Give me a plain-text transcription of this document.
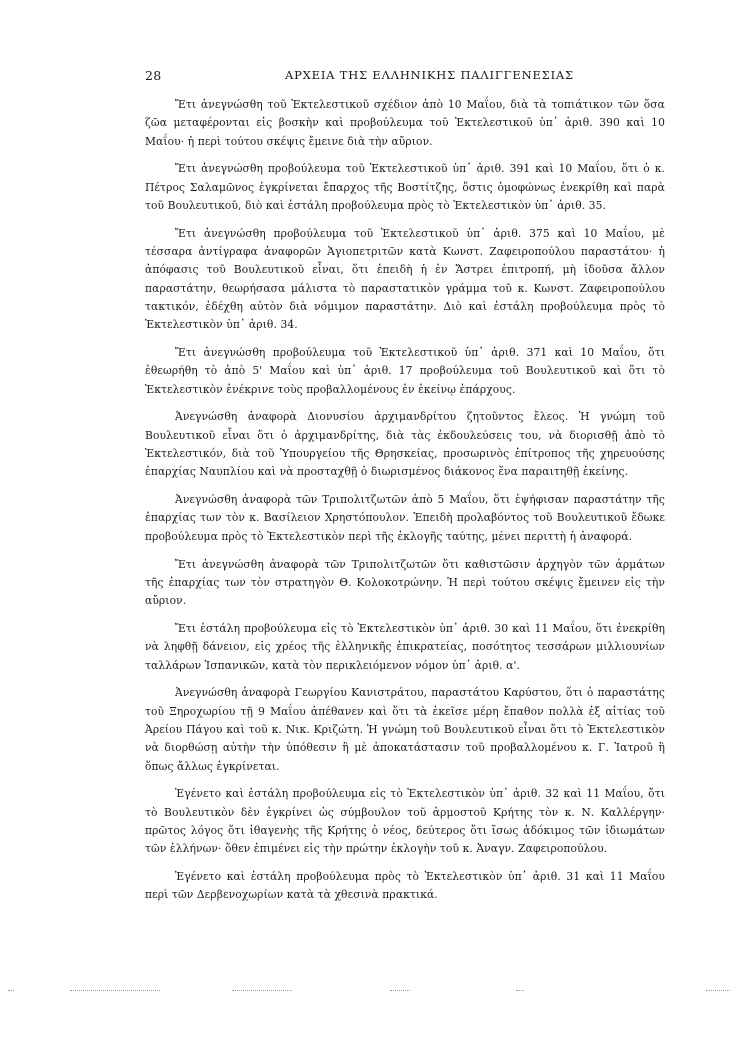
28	ΑΡΧΕΙΑ ΤΗΣ ΕΛΛΗΝΙΚΗΣ ΠΑΛΙΓΓΕΝΕΣΙΑΣ

Ἔτι ἀνεγνώσθη τοῦ Ἐκτελεστικοῦ σχέδιον ἀπὸ 10 Μαΐου, διὰ τὰ τοπιάτικον τῶν ὅσα ζῶα μεταφέρονται εἰς βοσκὴν καὶ προβούλευμα τοῦ Ἐκτελεστικοῦ ὑπ᾽ ἀριθ. 390 καὶ 10 Μαΐου· ἡ περὶ τούτου σκέψις ἔμεινε διὰ τὴν αὔριον.

Ἔτι ἀνεγνώσθη προβούλευμα τοῦ Ἐκτελεστικοῦ ὑπ᾽ ἀριθ. 391 καὶ 10 Μαΐου, ὅτι ὁ κ. Πέτρος Σαλαμῶνος ἐγκρίνεται ἔπαρχος τῆς Βοστίτζης, ὅστις ὁμοφώνως ἐνεκρίθη καὶ παρὰ τοῦ Βουλευτικοῦ, διὸ καὶ ἐστάλη προβούλευμα πρὸς τὸ Ἐκτελεστικὸν ὑπ᾽ ἀριθ. 35.

Ἔτι ἀνεγνώσθη προβούλευμα τοῦ Ἐκτελεστικοῦ ὑπ᾽ ἀριθ. 375 καὶ 10 Μαΐου, μὲ τέσσαρα ἀντίγραφα ἀναφορῶν Ἁγιοπετριτῶν κατὰ Κωνστ. Ζαφειροπούλου παραστάτου· ἡ ἀπόφασις τοῦ Βουλευτικοῦ εἶναι, ὅτι ἐπειδὴ ἡ ἐν Ἄστρει ἐπιτροπή, μὴ ἰδοῦσα ἄλλον παραστάτην, θεωρήσασα μάλιστα τὸ παραστατικὸν γράμμα τοῦ κ. Κωνστ. Ζαφειροπούλου τακτικόν, ἐδέχθη αὐτὸν διὰ νόμιμον παραστάτην. Διὸ καὶ ἐστάλη προβούλευμα πρὸς τὸ Ἐκτελεστικὸν ὑπ᾽ ἀριθ. 34.

Ἔτι ἀνεγνώσθη προβούλευμα τοῦ Ἐκτελεστικοῦ ὑπ᾽ ἀριθ. 371 καὶ 10 Μαΐου, ὅτι ἐθεωρήθη τὸ ἀπὸ 5' Μαΐου καὶ ὑπ᾽ ἀριθ. 17 προβούλευμα τοῦ Βουλευτικοῦ καὶ ὅτι τὸ Ἐκτελεστικὸν ἐνέκρινε τοὺς προβαλλομένους ἐν ἐκείνῳ ἐπάρχους.

Ἀνεγνώσθη ἀναφορὰ Διονυσίου ἀρχιμανδρίτου ζητοῦντος ἔλεος. Ἡ γνώμη τοῦ Βουλευτικοῦ εἶναι ὅτι ὁ ἀρχιμανδρίτης, διὰ τὰς ἐκδουλεύσεις του, νὰ διορισθῇ ἀπὸ τὸ Ἐκτελεστικόν, διὰ τοῦ Ὑπουργείου τῆς Θρησκείας, προσωρινὸς ἐπίτροπος τῆς χηρευούσης ἐπαρχίας Ναυπλίου καὶ νὰ προσταχθῇ ὁ διωρισμένος διάκονος ἕνα παραιτηθῇ ἐκείνης.

Ἀνεγνώσθη ἀναφορὰ τῶν Τριπολιτζωτῶν ἀπὸ 5 Μαΐου, ὅτι ἐψήφισαν παραστάτην τῆς ἐπαρχίας των τὸν κ. Βασίλειον Χρηστόπουλον. Ἐπειδὴ προλαβόντος τοῦ Βουλευτικοῦ ἔδωκε προβούλευμα πρὸς τὸ Ἐκτελεστικὸν περὶ τῆς ἐκλογῆς ταύτης, μένει περιττὴ ἡ ἀναφορά.

Ἔτι ἀνεγνώσθη ἀναφορὰ τῶν Τριπολιτζωτῶν ὅτι καθιστῶσιν ἀρχηγὸν τῶν ἁρμάτων τῆς ἐπαρχίας των τὸν στρατηγὸν Θ. Κολοκοτρώνην. Ἡ περὶ τούτου σκέψις ἔμεινεν εἰς τὴν αὔριον.

Ἔτι ἐστάλη προβούλευμα εἰς τὸ Ἐκτελεστικὸν ὑπ᾽ ἀριθ. 30 καὶ 11 Μαΐου, ὅτι ἐνεκρίθη νὰ ληφθῇ δάνειον, εἰς χρέος τῆς ἑλληνικῆς ἐπικρατείας, ποσότητος τεσσάρων μιλλιουνίων ταλλάρων Ἱσπανικῶν, κατὰ τὸν περικλειόμενον νόμον ὑπ᾽ ἀριθ. α'.

Ἀνεγνώσθη ἀναφορὰ Γεωργίου Κανιστράτου, παραστάτου Καρύστου, ὅτι ὁ παραστάτης τοῦ Ξηροχωρίου τῇ 9 Μαΐου ἀπέθανεν καὶ ὅτι τὰ ἐκεῖσε μέρη ἔπαθον πολλὰ ἐξ αἰτίας τοῦ Ἀρείου Πάγου καὶ τοῦ κ. Νικ. Κριζώτη. Ἡ γνώμη τοῦ Βουλευτικοῦ εἶναι ὅτι τὸ Ἐκτελεστικὸν νὰ διορθώσῃ αὐτὴν τὴν ὑπόθεσιν ἢ μὲ ἀποκατάστασιν τοῦ προβαλλομένου κ. Γ. Ἰατροῦ ἢ ὅπως ἄλλως ἐγκρίνεται.

Ἐγένετο καὶ ἐστάλη προβούλευμα εἰς τὸ Ἐκτελεστικὸν ὑπ᾽ ἀριθ. 32 καὶ 11 Μαΐου, ὅτι τὸ Βουλευτικὸν δὲν ἐγκρίνει ὡς σύμβουλον τοῦ ἁρμοστοῦ Κρήτης τὸν κ. Ν. Καλλέργην· πρῶτος λόγος ὅτι ἰθαγενὴς τῆς Κρήτης ὁ νέος, δεύτερος ὅτι ἴσως ἀδόκιμος τῶν ἰδιωμάτων τῶν ἑλλήνων· ὅθεν ἐπιμένει εἰς τὴν πρώτην ἐκλογὴν τοῦ κ. Ἀναγν. Ζαφειροπούλου.

Ἐγένετο καὶ ἐστάλη προβούλευμα πρὸς τὸ Ἐκτελεστικὸν ὑπ᾽ ἀριθ. 31 καὶ 11 Μαΐου περὶ τῶν Δερβενοχωρίων κατὰ τὰ χθεσινὰ πρακτικά.
